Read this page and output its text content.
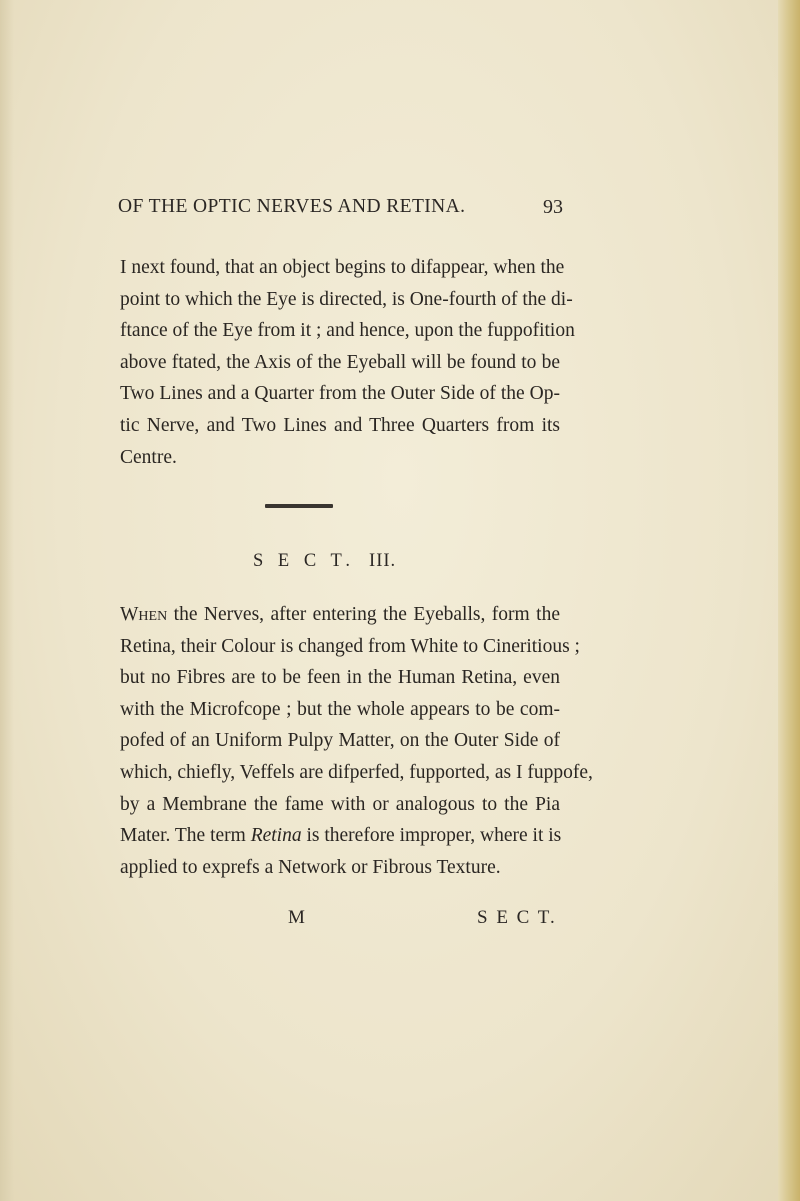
OF THE OPTIC NERVES AND RETINA.	93
I next found, that an object begins to difappear, when the
point to which the Eye is directed, is One-fourth of the di-
ftance of the Eye from it ; and hence, upon the fuppofition
above ftated, the Axis of the Eyeball will be found to be
Two Lines and a Quarter from the Outer Side of the Op-
tic Nerve, and Two Lines and Three Quarters from its
Centre.
S E C T. III.
When the Nerves, after entering the Eyeballs, form the
Retina, their Colour is changed from White to Cineritious ;
but no Fibres are to be feen in the Human Retina, even
with the Microfcope ; but the whole appears to be com-
pofed of an Uniform Pulpy Matter, on the Outer Side of
which, chiefly, Veffels are difperfed, fupported, as I fuppofe,
by a Membrane the fame with or analogous to the Pia
Mater. The term Retina is therefore improper, where it is
applied to exprefs a Network or Fibrous Texture.
M	S E C T.
